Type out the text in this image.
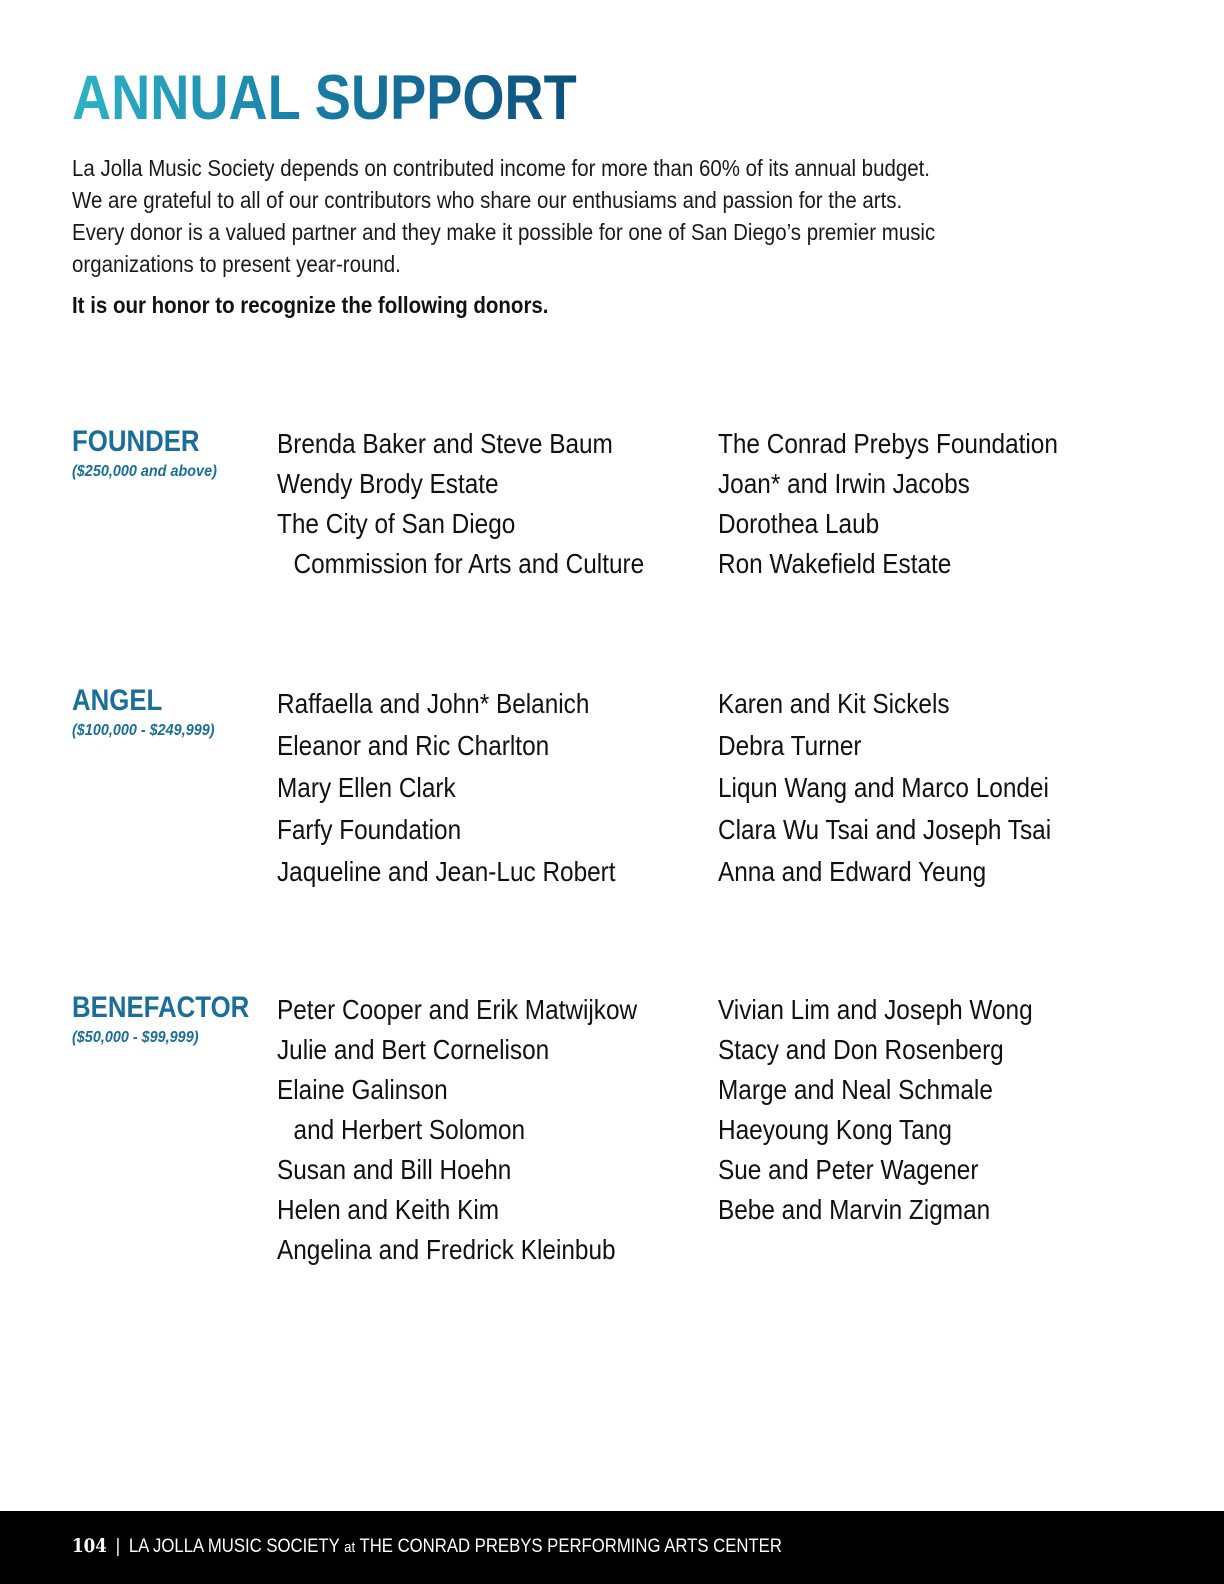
ANNUAL SUPPORT

La Jolla Music Society depends on contributed income for more than 60% of its annual budget.

We are grateful to all of our contributors who share our enthusiams and passion for the arts.

Every donor is a valued partner and they make it possible for one of San Diego’s premier music

organizations to present year-round.

It is our honor to recognize the following donors.

FOUNDER

($250,000 and above)

Brenda Baker and Steve Baum
Wendy Brody Estate
The City of San Diego
Commission for Arts and Culture
The Conrad Prebys Foundation
Joan* and Irwin Jacobs
Dorothea Laub
Ron Wakefield Estate
ANGEL

($100,000 - $249,999)

Raffaella and John* Belanich
Eleanor and Ric Charlton
Mary Ellen Clark
Farfy Foundation
Jaqueline and Jean-Luc Robert
Karen and Kit Sickels
Debra Turner
Liqun Wang and Marco Londei
Clara Wu Tsai and Joseph Tsai
Anna and Edward Yeung
BENEFACTOR

($50,000 - $99,999)

Peter Cooper and Erik Matwijkow
Julie and Bert Cornelison
Elaine Galinson
and Herbert Solomon
Susan and Bill Hoehn
Helen and Keith Kim
Angelina and Fredrick Kleinbub
Vivian Lim and Joseph Wong
Stacy and Don Rosenberg
Marge and Neal Schmale
Haeyoung Kong Tang
Sue and Peter Wagener
Bebe and Marvin Zigman
104 | LA JOLLA MUSIC SOCIETY at THE CONRAD PREBYS PERFORMING ARTS CENTER
